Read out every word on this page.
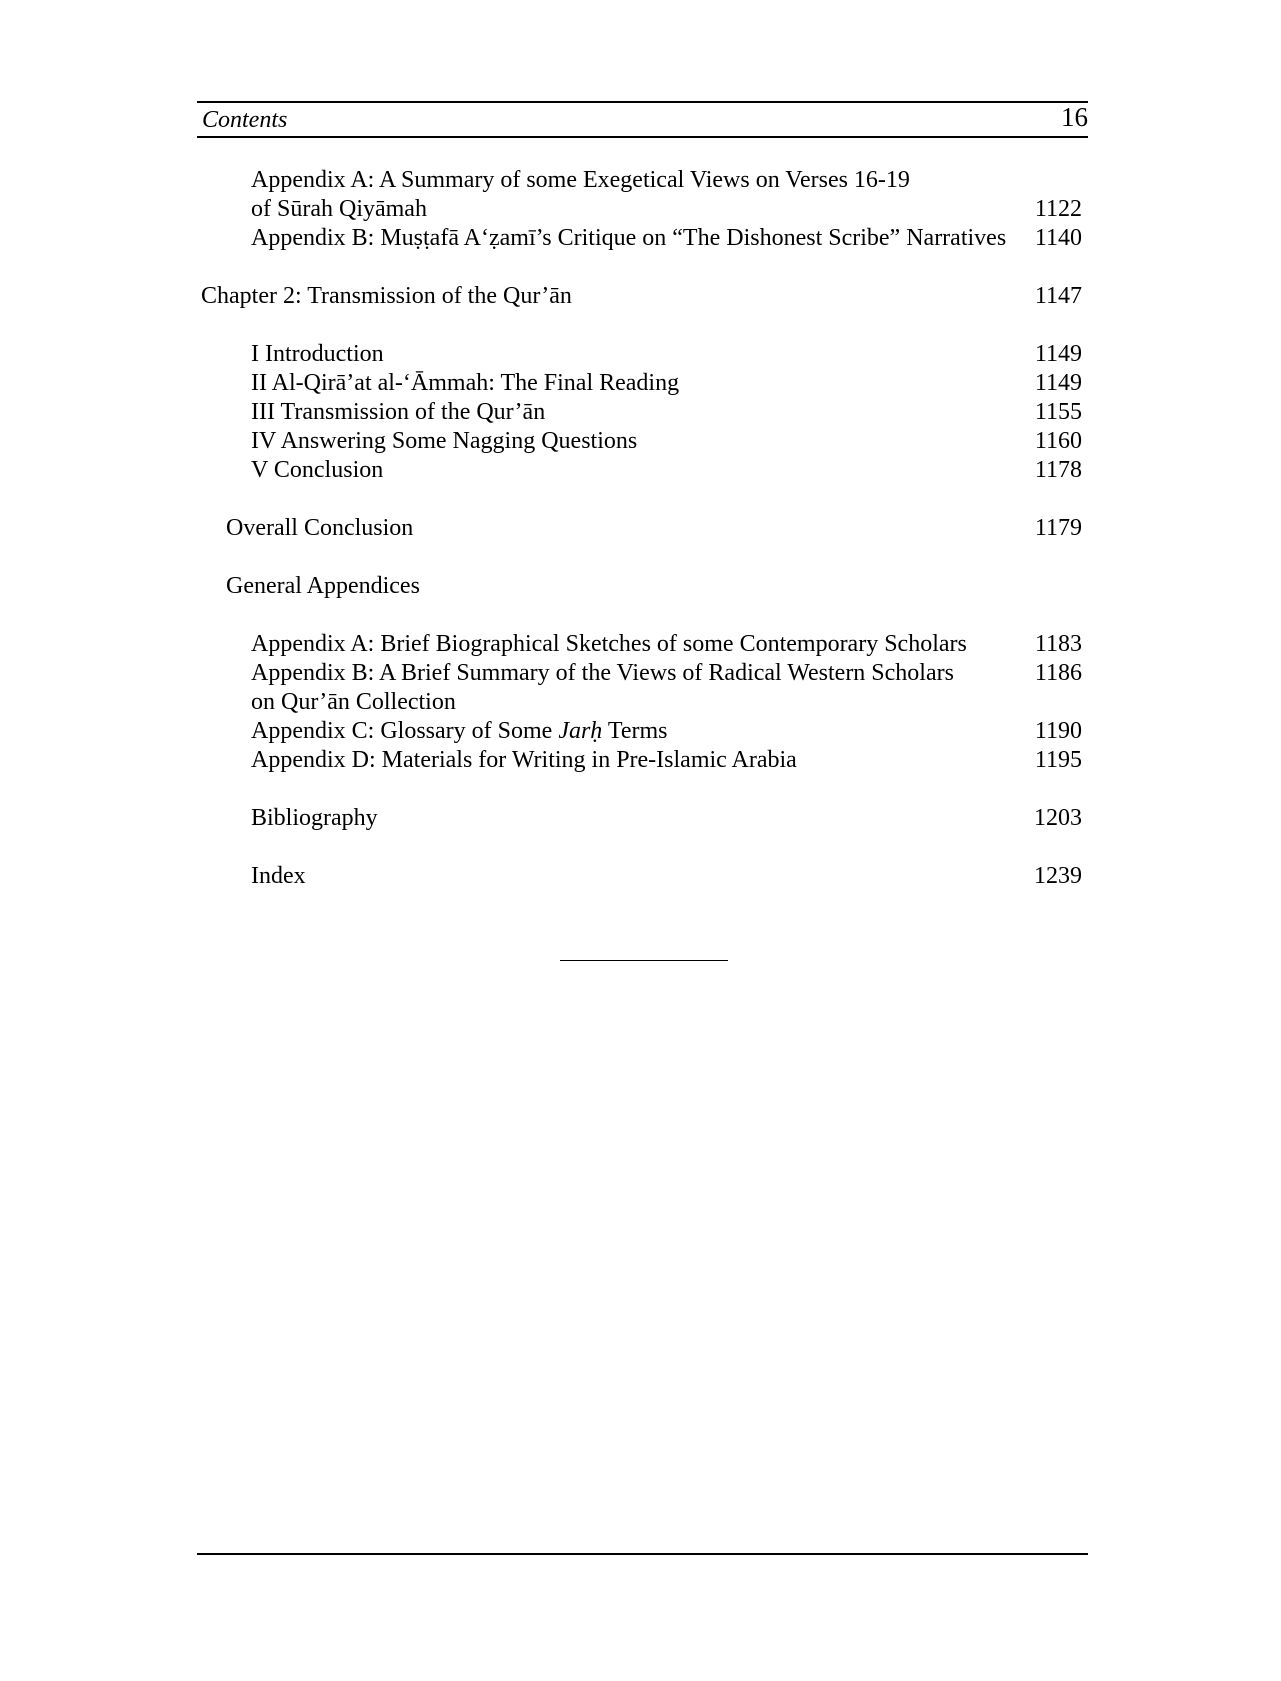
Contents	16
Appendix A: A Summary of some Exegetical Views on Verses 16-19
of Sūrah Qiyāmah	1122
Appendix B: Muṣṭafā A‘ẓamī’s Critique on “The Dishonest Scribe” Narratives 1140
Chapter 2: Transmission of the Qur’ān	1147
I Introduction	1149
II Al-Qirā’at al-‘Āmmah: The Final Reading	1149
III Transmission of the Qur’ān	1155
IV Answering Some Nagging Questions	1160
V Conclusion	1178
Overall Conclusion	1179
General Appendices
Appendix A: Brief Biographical Sketches of some Contemporary Scholars	1183
Appendix B: A Brief Summary of the Views of Radical Western Scholars	1186
on Qur’ān Collection
Appendix C: Glossary of Some Jarḥ Terms	1190
Appendix D: Materials for Writing in Pre-Islamic Arabia	1195
Bibliography	1203
Index	1239
